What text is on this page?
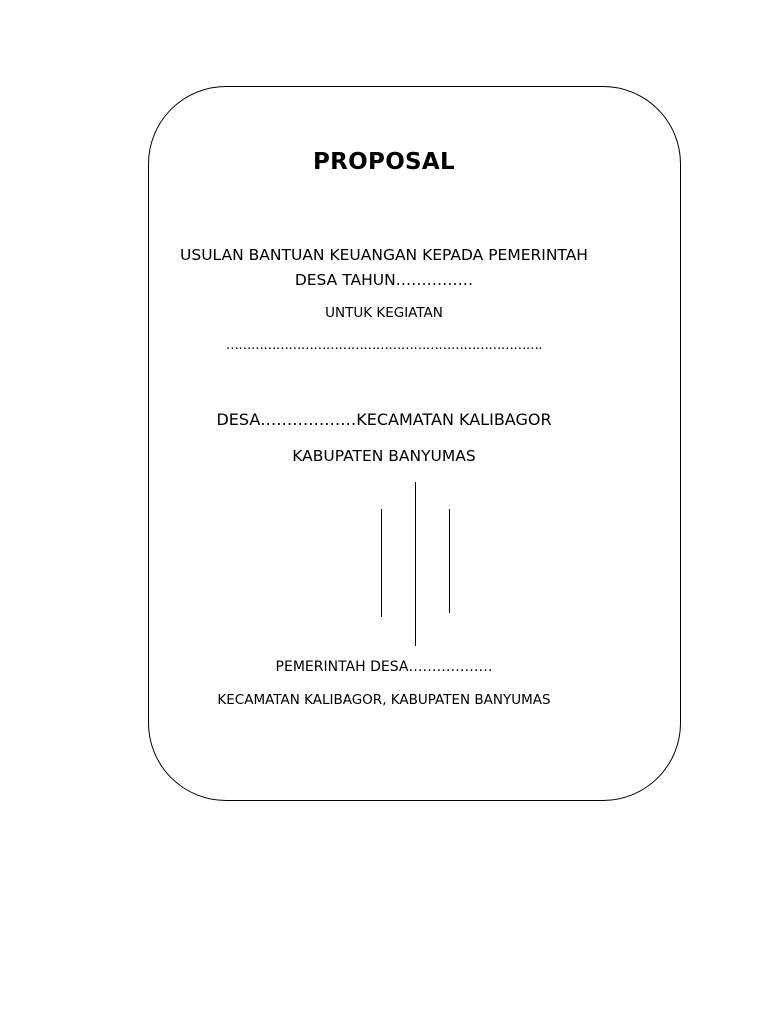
PROPOSAL
USULAN BANTUAN KEUANGAN KEPADA PEMERINTAH
DESA TAHUN……………
UNTUK KEGIATAN
………………………………………………………………….
DESA………………KECAMATAN KALIBAGOR
KABUPATEN BANYUMAS
PEMERINTAH DESA………………
KECAMATAN KALIBAGOR, KABUPATEN BANYUMAS
